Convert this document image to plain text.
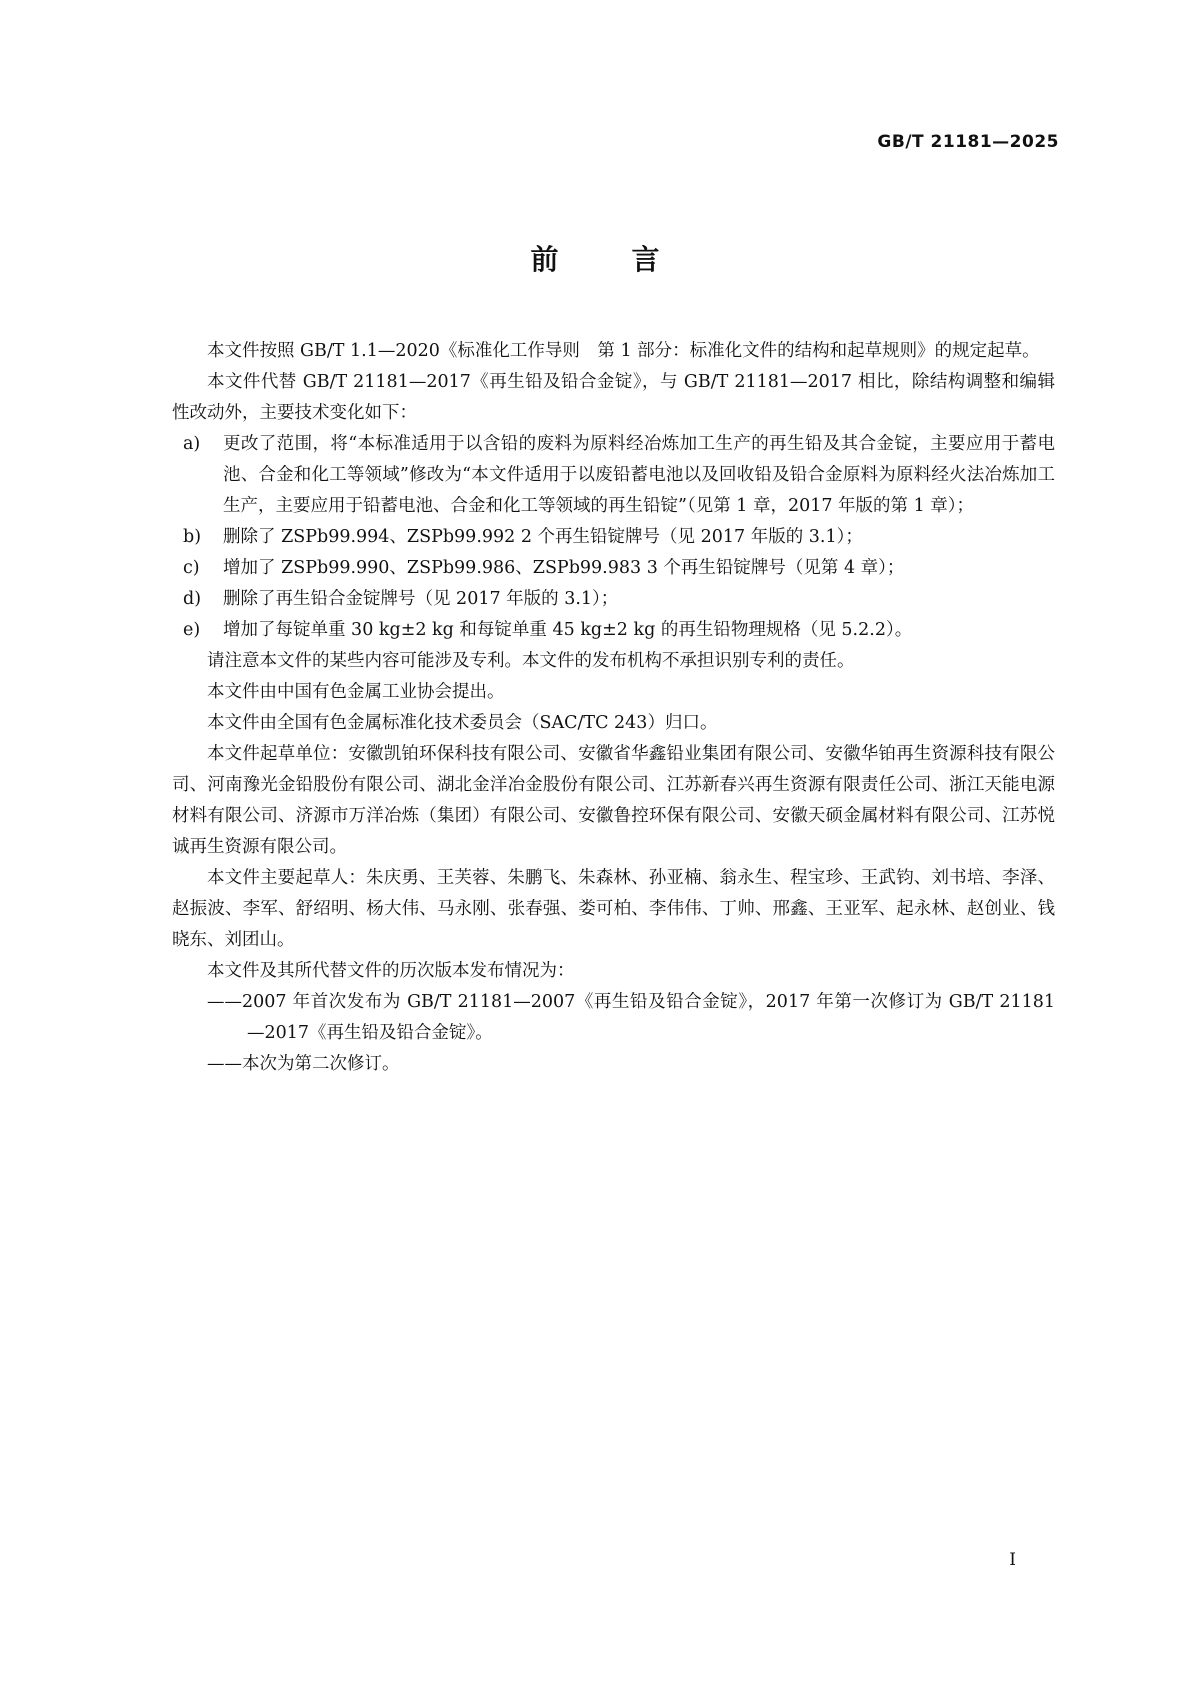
GB/T 21181—2025
前	言

本文件按照 GB/T 1.1—2020《标准化工作导则　第 1 部分：标准化文件的结构和起草规则》的规定起草。

本文件代替 GB/T 21181—2017《再生铅及铅合金锭》，与 GB/T 21181—2017 相比，除结构调整和编辑性改动外，主要技术变化如下：

a) 更改了范围，将“本标准适用于以含铅的废料为原料经冶炼加工生产的再生铅及其合金锭，主要应用于蓄电池、合金和化工等领域”修改为“本文件适用于以废铅蓄电池以及回收铅及铅合金原料为原料经火法冶炼加工生产，主要应用于铅蓄电池、合金和化工等领域的再生铅锭”（见第 1 章，2017 年版的第 1 章）；
b) 删除了 ZSPb99.994、ZSPb99.992 2 个再生铅锭牌号（见 2017 年版的 3.1）；
c) 增加了 ZSPb99.990、ZSPb99.986、ZSPb99.983 3 个再生铅锭牌号（见第 4 章）；
d) 删除了再生铅合金锭牌号（见 2017 年版的 3.1）；
e) 增加了每锭单重 30 kg±2 kg 和每锭单重 45 kg±2 kg 的再生铅物理规格（见 5.2.2）。

请注意本文件的某些内容可能涉及专利。本文件的发布机构不承担识别专利的责任。

本文件由中国有色金属工业协会提出。

本文件由全国有色金属标准化技术委员会（SAC/TC 243）归口。

本文件起草单位：安徽凯铂环保科技有限公司、安徽省华鑫铅业集团有限公司、安徽华铂再生资源科技有限公司、河南豫光金铅股份有限公司、湖北金洋冶金股份有限公司、江苏新春兴再生资源有限责任公司、浙江天能电源材料有限公司、济源市万洋冶炼（集团）有限公司、安徽鲁控环保有限公司、安徽天硕金属材料有限公司、江苏悦诚再生资源有限公司。

本文件主要起草人：朱庆勇、王芙蓉、朱鹏飞、朱森林、孙亚楠、翁永生、程宝珍、王武钧、刘书培、李泽、赵振波、李军、舒绍明、杨大伟、马永刚、张春强、娄可柏、李伟伟、丁帅、邢鑫、王亚军、起永林、赵创业、钱晓东、刘团山。

本文件及其所代替文件的历次版本发布情况为：

——2007 年首次发布为 GB/T 21181—2007《再生铅及铅合金锭》，2017 年第一次修订为 GB/T 21181—2017《再生铅及铅合金锭》。

——本次为第二次修订。

I
